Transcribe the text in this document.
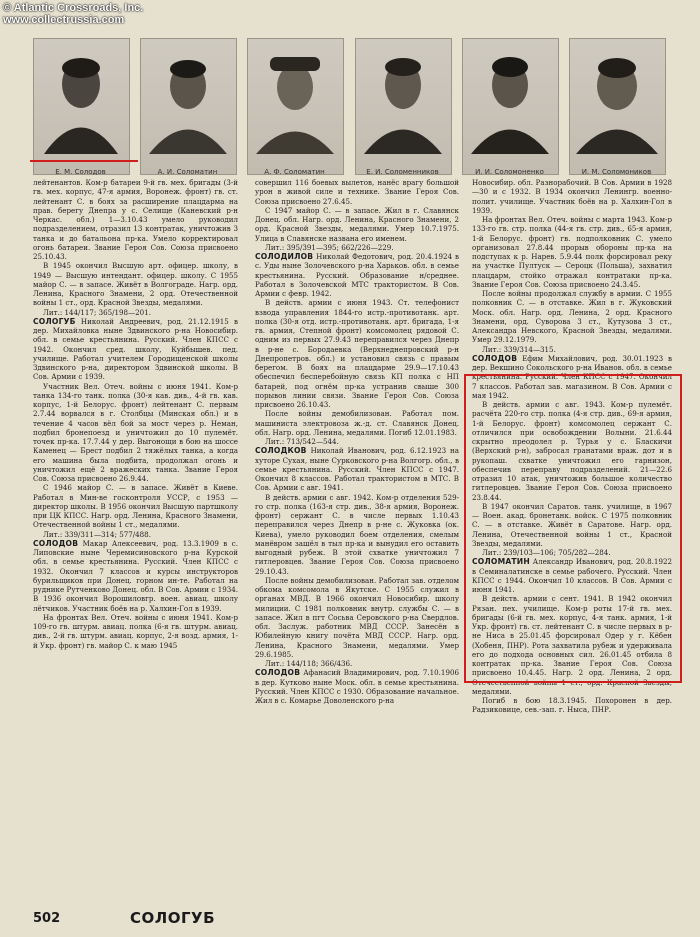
© Atlantic Crossroads, Inc.
www.collectrussia.com
Е. М. Солодов	А. И. Соломатин	А. Ф. Соломатин	Е. И. Соломенников	И. И. Соломоненко	И. М. Соломоников

лейтенантов. Ком-р батареи 9-й гв. мех. бригады (3-й гв. мех. корпус, 47-я армия, Воронеж. фронт) гв. ст. лейтенант С. в боях за расширение плацдарма на прав. берегу Днепра у с. Селище (Каневский р-н Черкас. обл.) 1—3.10.43 умело руководил подразделением, отразил 13 контратак, уничтожив 3 танка и до батальона пр-ка. Умело корректировал огонь батареи. Звание Героя Сов. Союза присвоено 25.10.43.

В 1945 окончил Высшую арт. офицер. школу, в 1949 — Высшую интендант. офицер. школу. С 1955 майор С. — в запасе. Живёт в Волгограде. Нагр. орд. Ленина, Красного Знамени, 2 орд. Отечественной войны 1 ст., орд. Красной Звезды, медалями.

Лит.: 144/117; 365/198—201.

СОЛОГУБ Николай Андреевич, род. 21.12.1915 в дер. Михайловка ныне Здвинского р-на Новосибир. обл. в семье крестьянина. Русский. Член КПСС с 1942. Окончил сред. школу, Куйбышев. пед. училище. Работал учителем Городищенской школы Здвинского р-на, директором Здвинской школы. В Сов. Армии с 1939.

Участник Вел. Отеч. войны с июня 1941. Ком-р танка 134-го танк. полка (30-я кав. див., 4-й гв. кав. корпус, 1-й Белорус. фронт) лейтенант С. первым 2.7.44 ворвался в г. Столбцы (Минская обл.) и в течение 4 часов вёл бой за мост через р. Неман, подбил бронепоезд и уничтожил до 10 пулемёт. точек пр-ка. 17.7.44 у дер. Выгонощи в бою на шоссе Каменец — Брест подбил 2 тяжёлых танка, а когда его машина была подбита, продолжал огонь и уничтожил ещё 2 вражеских танка. Звание Героя Сов. Союза присвоено 26.9.44.

С 1946 майор С. — в запасе. Живёт в Киеве. Работал в Мин-ве госконтроля УССР, с 1953 — директор школы. В 1956 окончил Высшую партшколу при ЦК КПСС. Нагр. орд. Ленина, Красного Знамени, Отечественной войны 1 ст., медалями.

Лит.: 339/311—314; 577/488.

СОЛОДОВ Макар Алексеевич, род. 13.3.1909 в с. Липовские ныне Черемисиновского р-на Курской обл. в семье крестьянина. Русский. Член КПСС с 1932. Окончил 7 классов и курсы инструкторов бурильщиков при Донец. горном ин-те. Работал на руднике Рутченково Донец. обл. В Сов. Армии с 1934. В 1936 окончил Ворошиловгр. воен. авиац. школу лётчиков. Участник боёв на р. Халхин-Гол в 1939.

На фронтах Вел. Отеч. войны с июня 1941. Ком-р 109-го гв. штурм. авиац. полка (6-я гв. штурм. авиац. див., 2-й гв. штурм. авиац. корпус, 2-я возд. армия, 1-й Укр. фронт) гв. майор С. к маю 1945

совершил 116 боевых вылетов, нанёс врагу большой урон в живой силе и технике. Звание Героя Сов. Союза присвоено 27.6.45.

С 1947 майор С. — в запасе. Жил в г. Славянск Донец. обл. Нагр. орд. Ленина, Красного Знамени, 2 орд. Красной Звезды, медалями. Умер 10.7.1975. Улица в Славянске названа его именем.

Лит.: 395/391—395; 662/226—229.

СОЛОДИЛОВ Николай Федотович, род. 20.4.1924 в с. Уды ныне Золочевского р-на Харьков. обл. в семье крестьянина. Русский. Образование н/среднее. Работал в Золочевской МТС трактористом. В Сов. Армии с февр. 1942.

В действ. армии с июня 1943. Ст. телефонист взвода управления 1844-го истр.-противотанк. арт. полка (30-я отд. истр.-противотанк. арт. бригада, 1-я гв. армия, Степной фронт) комсомолец рядовой С. одним из первых 27.9.43 переправился через Днепр в р-не с. Бородаевка (Верхнеднепровский р-н Днепропетров. обл.) и установил связь с правым берегом. В боях на плацдарме 29.9—17.10.43 обеспечил бесперебойную связь КП полка с НП батарей, под огнём пр-ка устранив свыше 300 порывов линии связи. Звание Героя Сов. Союза присвоено 26.10.43.

После войны демобилизован. Работал пом. машиниста электровоза ж.-д. ст. Славянск Донец. обл. Нагр. орд. Ленина, медалями. Погиб 12.01.1983.

Лит.: 713/542—544.

СОЛОДКОВ Николай Иванович, род. 6.12.1923 на хуторе Сухая, ныне Сурковского р-на Волгогр. обл., в семье крестьянина. Русский. Член КПСС с 1947. Окончил 8 классов. Работал трактористом в МТС. В Сов. Армии с авг. 1941.

В действ. армии с авг. 1942. Ком-р отделения 529-го стр. полка (163-я стр. див., 38-я армия, Воронеж. фронт) сержант С. в числе первых 1.10.43 переправился через Днепр в р-не с. Жуковка (ок. Киева), умело руководил боем отделения, смелым манёвром зашёл в тыл пр-ка и вынудил его оставить выгодный рубеж. В этой схватке уничтожил 7 гитлеровцев. Звание Героя Сов. Союза присвоено 29.10.43.

После войны демобилизован. Работал зав. отделом обкома комсомола в Якутске. С 1955 служил в органах МВД. В 1966 окончил Новосибир. школу милиции. С 1981 полковник внутр. службы С. — в запасе. Жил в пгт Сосьва Серовского р-на Свердлов. обл. Заслуж. работник МВД СССР. Занесён в Юбилейную книгу почёта МВД СССР. Нагр. орд. Ленина, Красного Знамени, медалями. Умер 29.6.1985.

Лит.: 144/118; 366/436.

СОЛОДОВ Афанасий Владимирович, род. 7.10.1906 в дер. Кутково ныне Моск. обл. в семье крестьянина. Русский. Член КПСС с 1930. Образование начальное. Жил в с. Комарье Доволенского р-на

Новосибир. обл. Разнорабочий. В Сов. Армии в 1928—30 и с 1932. В 1934 окончил Ленингр. военно-полит. училище. Участник боёв на р. Халхин-Гол в 1939.

На фронтах Вел. Отеч. войны с марта 1943. Ком-р 133-го гв. стр. полка (44-я гв. стр. див., 65-я армия, 1-й Белорус. фронт) гв. подполковник С. умело организовал 27.8.44 прорыв обороны пр-ка на подступах к р. Нарев. 5.9.44 полк форсировал реку на участке Пултуск — Сероцк (Польша), захватил плацдарм, стойко отражал контратаки пр-ка. Звание Героя Сов. Союза присвоено 24.3.45.

После войны продолжал службу в армии. С 1955 полковник С. — в отставке. Жил в г. Жуковский Моск. обл. Нагр. орд. Ленина, 2 орд. Красного Знамени, орд. Суворова 3 ст., Кутузова 3 ст., Александра Невского, Красной Звезды, медалями. Умер 29.12.1979.

Лит.: 339/314—315.

СОЛОДОВ Ефим Михайлович, род. 30.01.1923 в дер. Векшино Сокольского р-на Иванов. обл. в семье крестьянина. Русский. Член КПСС с 1947. Окончил 7 классов. Работал зав. магазином. В Сов. Армии с мая 1942.

В действ. армии с авг. 1943. Ком-р пулемёт. расчёта 220-го стр. полка (4-я стр. див., 69-я армия, 1-й Белорус. фронт) комсомолец сержант С. отличился при освобождении Волыни. 21.6.44 скрытно преодолел р. Турья у с. Бласкичи (Верхский р-н), забросал гранатами враж. дот и в рукопаш. схватке уничтожил его гарнизон, обеспечив переправу подразделений. 21—22.6 отразил 10 атак, уничтожив большое количество гитлеровцев. Звание Героя Сов. Союза присвоено 23.8.44.

В 1947 окончил Саратов. танк. училище, в 1967 — Воен. акад. бронетанк. войск. С 1975 полковник С. — в отставке. Живёт в Саратове. Нагр. орд. Ленина, Отечественной войны 1 ст., Красной Звезды, медалями.

Лит.: 239/103—106; 705/282—284.

СОЛОМАТИН Александр Иванович, род. 20.8.1922 в Семиналатинске в семье рабочего. Русский. Член КПСС с 1944. Окончил 10 классов. В Сов. Армии с июня 1941.

В действ. армии с сент. 1941. В 1942 окончил Рязан. пех. училище. Ком-р роты 17-й гв. мех. бригады (6-й гв. мех. корпус, 4-я танк. армия, 1-й Укр. фронт) гв. ст. лейтенант С. в числе первых в р-не Ниса в 25.01.45 форсировал Одер у г. Кёбен (Хобеня, ПНР). Рота захватила рубеж и удерживала его до подхода основных сил. 26.01.45 отбила 8 контратак пр-ка. Звание Героя Сов. Союза присвоено 10.4.45. Нагр. 2 орд. Ленина, 2 орд. Отечественной войны 1 ст., орд. Красной Звезды, медалями.

Погиб в бою 18.3.1945. Похоронен в дер. Радзиковице, сев.-зап. г. Ныса, ПНР.

502	СОЛОГУБ
